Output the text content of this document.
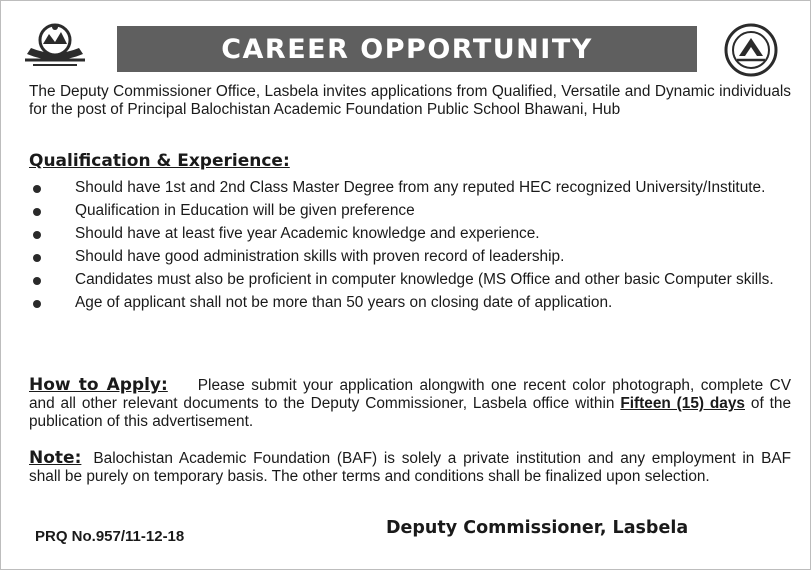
CAREER OPPORTUNITY
The Deputy Commissioner Office, Lasbela invites applications from Qualified, Versatile and Dynamic individuals for the post of Principal Balochistan Academic Foundation Public School Bhawani, Hub
Qualification & Experience:
Should have 1st and 2nd Class Master Degree from any reputed HEC recognized University/Institute.
Qualification in Education will be given preference
Should have at least five year Academic knowledge and experience.
Should have good administration skills with proven record of leadership.
Candidates must also be proficient in computer knowledge (MS Office and other basic Computer skills.
Age of applicant shall not be more than 50 years on closing date of application.
How to Apply: Please submit your application alongwith one recent color photograph, complete CV and all other relevant documents to the Deputy Commissioner, Lasbela office within Fifteen (15) days of the publication of this advertisement.
Note: Balochistan Academic Foundation (BAF) is solely a private institution and any employment in BAF shall be purely on temporary basis. The other terms and conditions shall be finalized upon selection.
PRQ No.957/11-12-18	Deputy Commissioner, Lasbela
